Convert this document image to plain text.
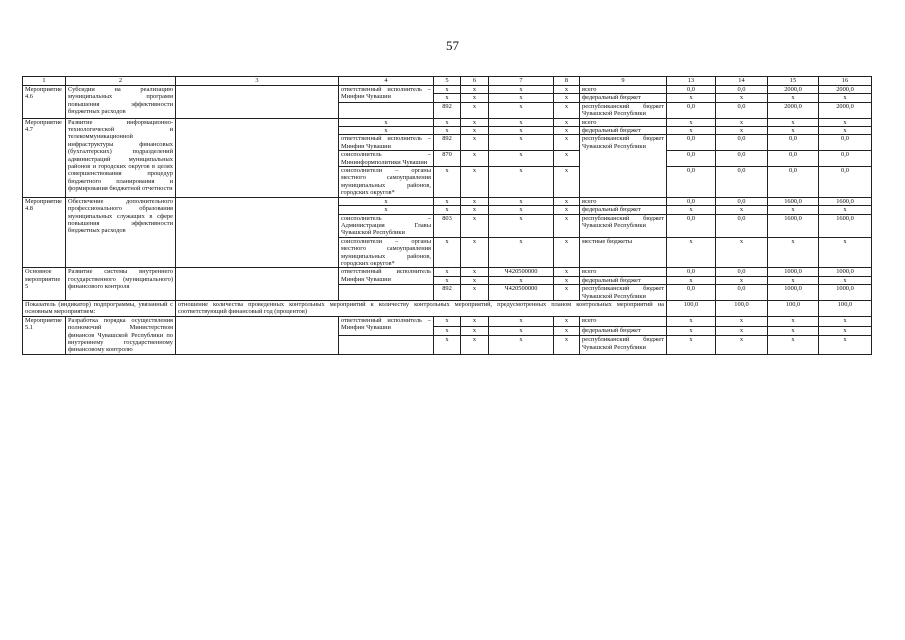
57
1	2	3	4	5	6	7	8	9	13	14	15	16
Мероприятие 4.6	Субсидии на реализацию муниципальных программ повышения эффективности бюджетных расходов		ответственный исполнитель – Минфин Чувашии	x	x	x	x	всего	0,0	0,0	2000,0	2000,0
				x	x	x	x	федеральный бюджет	x	x	x	x
				892	x	x	x	республиканский бюджет Чувашской Республики	0,0	0,0	2000,0	2000,0
Мероприятие 4.7	Развитие информационно-технологической и телекоммуникационной инфраструктуры финансовых (бухгалтерских) подразделений администраций муниципальных районов и городских округов в целях совершенствования процедур бюджетного планирования и формирования бюджетной отчетности		x	x	x	x	x	всего	x	x	x	x
			x	x	x	x	x	федеральный бюджет	x	x	x	x
			ответственный исполнитель – Минфин Чувашии	892	x	x	x	республиканский бюджет Чувашской Республики	0,0	0,0	0,0	0,0
			соисполнитель – Мининформполитики Чувашии	870	x	x	x		0,0	0,0	0,0	0,0
			соисполнители – органы местного самоуправления муниципальных районов, городских округов*	x	x	x	x		0,0	0,0	0,0	0,0
Мероприятие 4.8	Обеспечение дополнительного профессионального образования муниципальных служащих в сфере повышения эффективности бюджетных расходов		x	x	x	x	x	всего	0,0	0,0	1600,0	1600,0
			x	x	x	x	x	федеральный бюджет	x	x	x	x
			соисполнитель – Администрация Главы Чувашской Республики	803	x	x	x	республиканский бюджет Чувашской Республики	0,0	0,0	1600,0	1600,0
			соисполнители – органы местного самоуправления муниципальных районов, городских округов*	x	x	x	x	местные бюджеты	x	x	x	x
Основное мероприятие 5	Развитие системы внутреннего государственного (муниципального) финансового контроля		ответственный исполнитель Минфин Чувашии	x	x	Ч420500000	x	всего	0,0	0,0	1000,0	1000,0
				x	x	x	x	федеральный бюджет	x	x	x	x
				892	x	Ч420500000	x	республиканский бюджет Чувашской Республики	0,0	0,0	1000,0	1000,0
Показатель (индикатор) подпрограммы, увязанный с основным мероприятием:		отношение количества проведенных контрольных мероприятий к количеству контрольных мероприятий, предусмотренных планом контрольных мероприятий на соответствующий финансовый год (процентов)							100,0	100,0	100,0	100,0
Мероприятие 5.1	Разработка порядка осуществления полномочий Министерством финансов Чувашской Республики по внутреннему государственному финансовому контролю		ответственный исполнитель – Минфин Чувашии	x	x	x	x	всего	x	x	x	x
				x	x	x	x	федеральный бюджет	x	x	x	x
				x	x	x	x	республиканский бюджет Чувашской Республики	x	x	x	x
